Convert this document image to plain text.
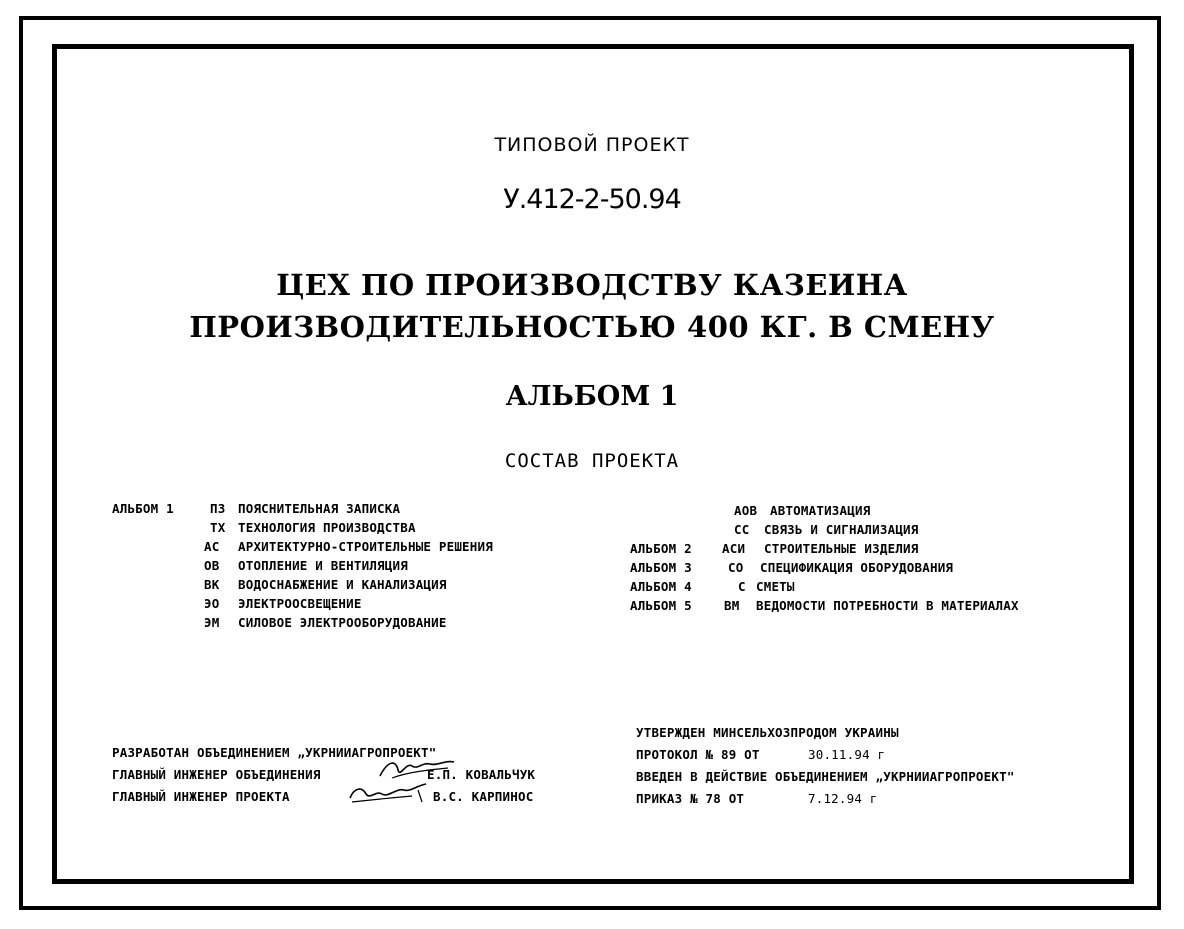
ТИПОВОЙ ПРОЕКТ
У.412-2-50.94
ЦЕХ ПО ПРОИЗВОДСТВУ КАЗЕИНА
ПРОИЗВОДИТЕЛЬНОСТЬЮ 400 КГ. В СМЕНУ
АЛЬБОМ 1
СОСТАВ ПРОЕКТА
АЛЬБОМ 1	ПЗ ПОЯСНИТЕЛЬНАЯ ЗАПИСКА
ТХ ТЕХНОЛОГИЯ ПРОИЗВОДСТВА
АС АРХИТЕКТУРНО-СТРОИТЕЛЬНЫЕ РЕШЕНИЯ
ОВ ОТОПЛЕНИЕ И ВЕНТИЛЯЦИЯ
ВК ВОДОСНАБЖЕНИЕ И КАНАЛИЗАЦИЯ
ЭО ЭЛЕКТРООСВЕЩЕНИЕ
ЭМ СИЛОВОЕ ЭЛЕКТРООБОРУДОВАНИЕ
АОВ АВТОМАТИЗАЦИЯ
СС СВЯЗЬ И СИГНАЛИЗАЦИЯ
АЛЬБОМ 2 АСИ СТРОИТЕЛЬНЫЕ ИЗДЕЛИЯ
АЛЬБОМ 3	СО СПЕЦИФИКАЦИЯ ОБОРУДОВАНИЯ
АЛЬБОМ 4	С СМЕТЫ
АЛЬБОМ 5	ВМ ВЕДОМОСТИ ПОТРЕБНОСТИ В МАТЕРИАЛАХ
РАЗРАБОТАН ОБЪЕДИНЕНИЕМ „УКРНИИАГРОПРОЕКТ"
ГЛАВНЫЙ ИНЖЕНЕР ОБЪЕДИНЕНИЯ	Е.П. КОВАЛЬЧУК
ГЛАВНЫЙ ИНЖЕНЕР ПРОЕКТА	В.С. КАРПИНОС
УТВЕРЖДЕН МИНСЕЛЬХОЗПРОДОМ УКРАИНЫ
ПРОТОКОЛ № 89 ОТ	30.11.94 г
ВВЕДЕН В ДЕЙСТВИЕ ОБЪЕДИНЕНИЕМ „УКРНИИАГРОПРОЕКТ"
ПРИКАЗ № 78 ОТ	7.12.94 г
